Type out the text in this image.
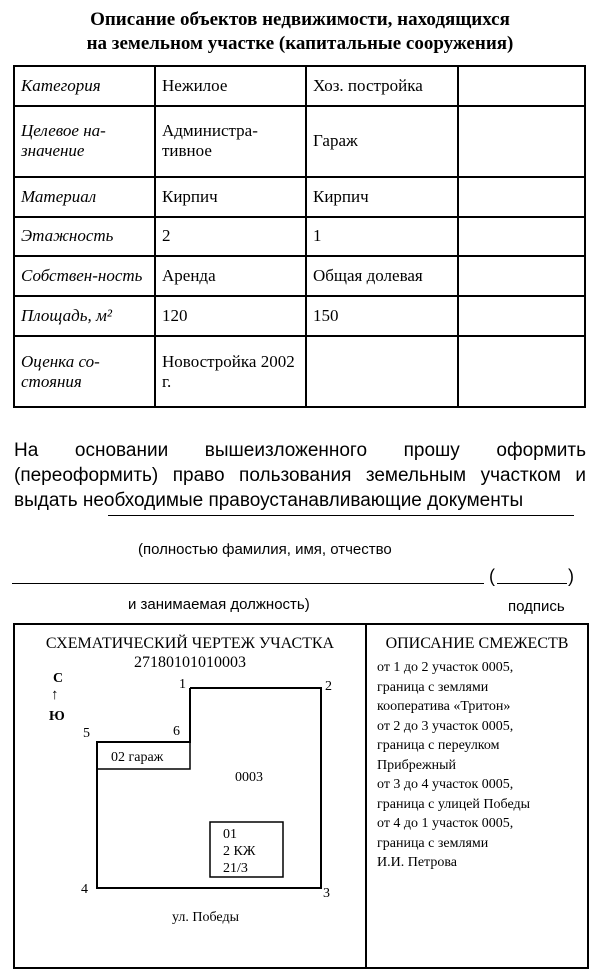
Описание объектов недвижимости, находящихся
на земельном участке (капитальные сооружения)
Категория	Нежилое	Хоз. постройка	
Целевое на-значение	Администра-тивное	Гараж	
Материал	Кирпич	Кирпич	
Этажность	2	1	
Собствен-ность	Аренда	Общая долевая	
Площадь, м²	120	150	
Оценка со-стояния	Новостройка 2002 г.		
На основании вышеизложенного прошу оформить (переоформить) право пользования земельным участком и выдать необходимые правоустанавливающие документы
(полностью фамилия, имя, отчество
(	)
и занимаемая должность)	подпись
СХЕМАТИЧЕСКИЙ ЧЕРТЕЖ УЧАСТКА
27180101010003
С
↑
Ю
1	2
3
4
5	6
02 гараж
0003
01
2 КЖ
21/3
ул. Победы
ОПИСАНИЕ СМЕЖЕСТВ
от 1 до 2 участок 0005,
граница с землями
кооператива «Тритон»
от 2 до 3 участок 0005,
граница с переулком
Прибрежный
от 3 до 4 участок 0005,
граница с улицей Победы
от 4 до 1 участок 0005,
граница с землями
И.И. Петрова
